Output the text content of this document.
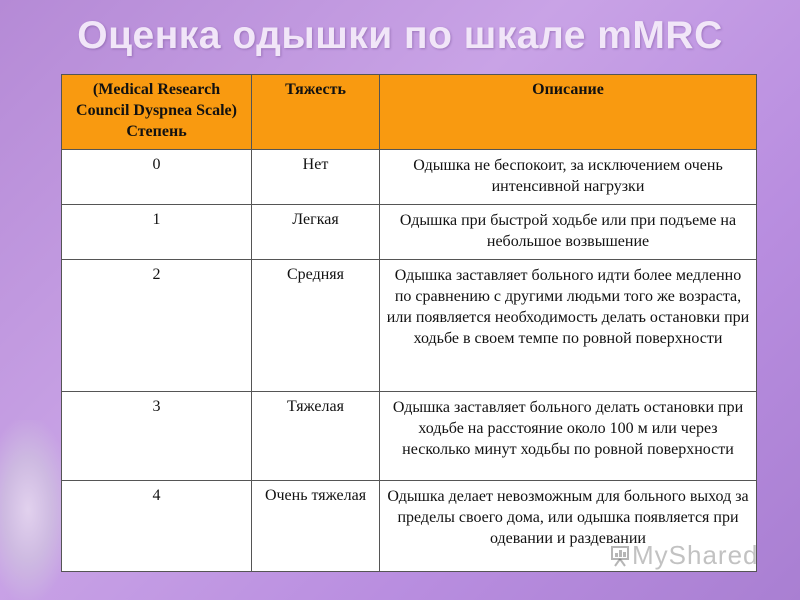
Оценка одышки по шкале mMRC
(Medical Research Council Dyspnea Scale) Степень	Тяжесть	Описание
0	Нет	Одышка не беспокоит, за исключением очень интенсивной нагрузки
1	Легкая	Одышка при быстрой ходьбе или при подъеме на небольшое возвышение
2	Средняя	Одышка заставляет больного идти более медленно по сравнению с другими людьми того же возраста, или появляется необходимость делать остановки при ходьбе в своем темпе по ровной поверхности
3	Тяжелая	Одышка заставляет больного делать остановки при ходьбе на расстояние около 100 м или через несколько минут ходьбы по ровной поверхности
4	Очень тяжелая	Одышка делает невозможным для больного выход за пределы своего дома, или одышка появляется при одевании и раздевании
MyShared
